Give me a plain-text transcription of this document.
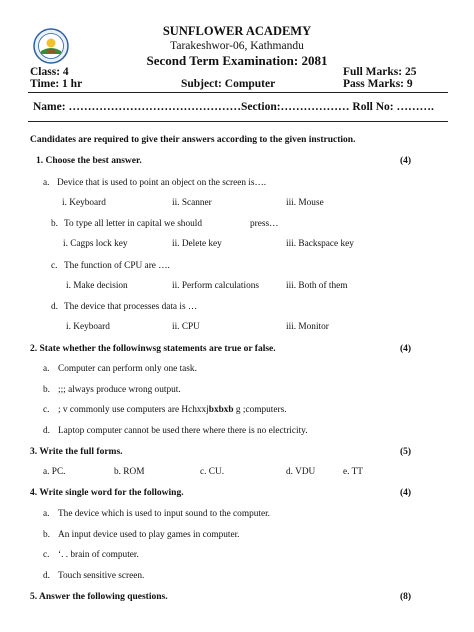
SUNFLOWER ACADEMY
Tarakeshwor-06, Kathmandu
Second Term Examination: 2081
Class: 4	Full Marks: 25
Time: 1 hr	Subject: Computer	Pass Marks: 9
Name: ………………………………………Section:……………… Roll No: ……….
Candidates are required to give their answers according to the given instruction.
1. Choose the best answer.	(4)
a. Device that is used to point an object on the screen is….
i. Keyboard	ii. Scanner	iii. Mouse
b. To type all letter in capital we should	press…
i. Cagps lock key	ii. Delete key	iii. Backspace key
c. The function of CPU are ….
i. Make decision	ii. Perform calculations	iii. Both of them
d. The device that processes data is …
i. Keyboard	ii. CPU	iii. Monitor
2. State whether the followinwsg statements are true or false.	(4)
a. Computer can perform only one task.
b. ;;; always produce wrong output.
c. ; v commonly use computers are Hchxxjbxbxb g ;computers.
d. Laptop computer cannot be used there where there is no electricity.
3. Write the full forms.	(5)
a. PC.	b. ROM	c. CU.	d. VDU	e. TT
4. Write single word for the following.	(4)
a. The device which is used to input sound to the computer.
b. An input device used to play games in computer.
c. ‘. . brain of computer.
d. Touch sensitive screen.
5. Answer the following questions.	(8)
